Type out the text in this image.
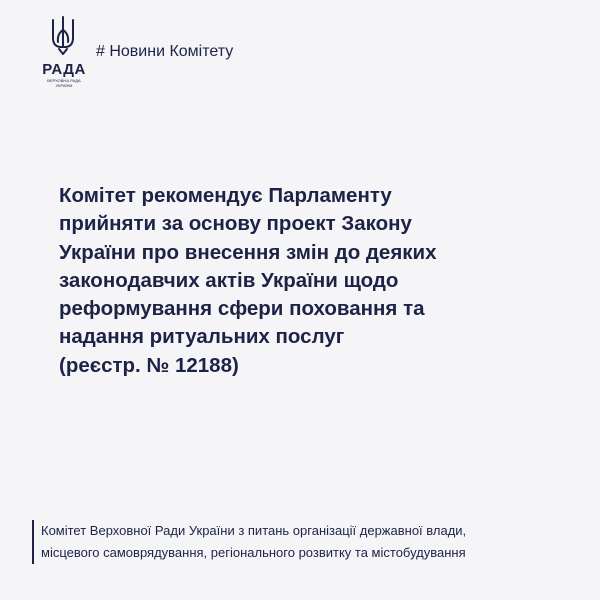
РАДА
ВЕРХОВНА РАДА
УКРАЇНИ
# Новини Комітету
Комітет рекомендує Парламенту
прийняти за основу проект Закону
України про внесення змін до деяких
законодавчих актів України щодо
реформування сфери поховання та
надання ритуальних послуг
(реєстр. № 12188)
Комітет Верховної Ради України з питань організації державної влади,
місцевого самоврядування, регіонального розвитку та містобудування
